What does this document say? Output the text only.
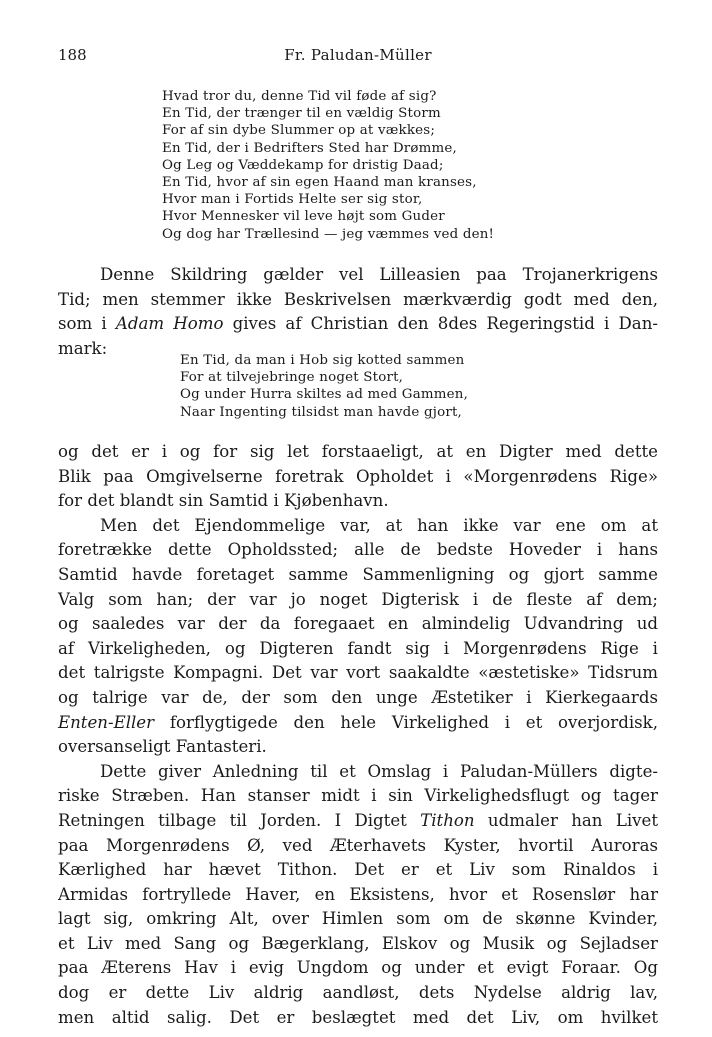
188	Fr. Paludan-Müller
Hvad tror du, denne Tid vil føde af sig?
En Tid, der trænger til en vældig Storm
For af sin dybe Slummer op at vækkes;
En Tid, der i Bedrifters Sted har Drømme,
Og Leg og Væddekamp for dristig Daad;
En Tid, hvor af sin egen Haand man kranses,
Hvor man i Fortids Helte ser sig stor,
Hvor Mennesker vil leve højt som Guder
Og dog har Trællesind — jeg væmmes ved den!
Denne Skildring gælder vel Lilleasien paa Trojanerkrigens
Tid; men stemmer ikke Beskrivelsen mærkværdig godt med den,
som i Adam Homo gives af Christian den 8des Regeringstid i Dan-
mark:
En Tid, da man i Hob sig kotted sammen
For at tilvejebringe noget Stort,
Og under Hurra skiltes ad med Gammen,
Naar Ingenting tilsidst man havde gjort,
og det er i og for sig let forstaaeligt, at en Digter med dette
Blik paa Omgivelserne foretrak Opholdet i «Morgenrødens Rige»
for det blandt sin Samtid i Kjøbenhavn.
Men det Ejendommelige var, at han ikke var ene om at
foretrække dette Opholdssted; alle de bedste Hoveder i hans
Samtid havde foretaget samme Sammenligning og gjort samme
Valg som han; der var jo noget Digterisk i de fleste af dem;
og saaledes var der da foregaaet en almindelig Udvandring ud
af Virkeligheden, og Digteren fandt sig i Morgenrødens Rige i
det talrigste Kompagni. Det var vort saakaldte «æstetiske» Tidsrum
og talrige var de, der som den unge Æstetiker i Kierkegaards
Enten-Eller forflygtigede den hele Virkelighed i et overjordisk,
oversanseligt Fantasteri.
Dette giver Anledning til et Omslag i Paludan-Müllers digte-
riske Stræben. Han stanser midt i sin Virkelighedsflugt og tager
Retningen tilbage til Jorden. I Digtet Tithon udmaler han Livet
paa Morgenrødens Ø, ved Æterhavets Kyster, hvortil Auroras
Kærlighed har hævet Tithon. Det er et Liv som Rinaldos i
Armidas fortryllede Haver, en Eksistens, hvor et Rosenslør har
lagt sig, omkring Alt, over Himlen som om de skønne Kvinder,
et Liv med Sang og Bægerklang, Elskov og Musik og Sejladser
paa Æterens Hav i evig Ungdom og under et evigt Foraar. Og
dog er dette Liv aldrig aandløst, dets Nydelse aldrig lav,
men altid salig. Det er beslægtet med det Liv, om hvilket
